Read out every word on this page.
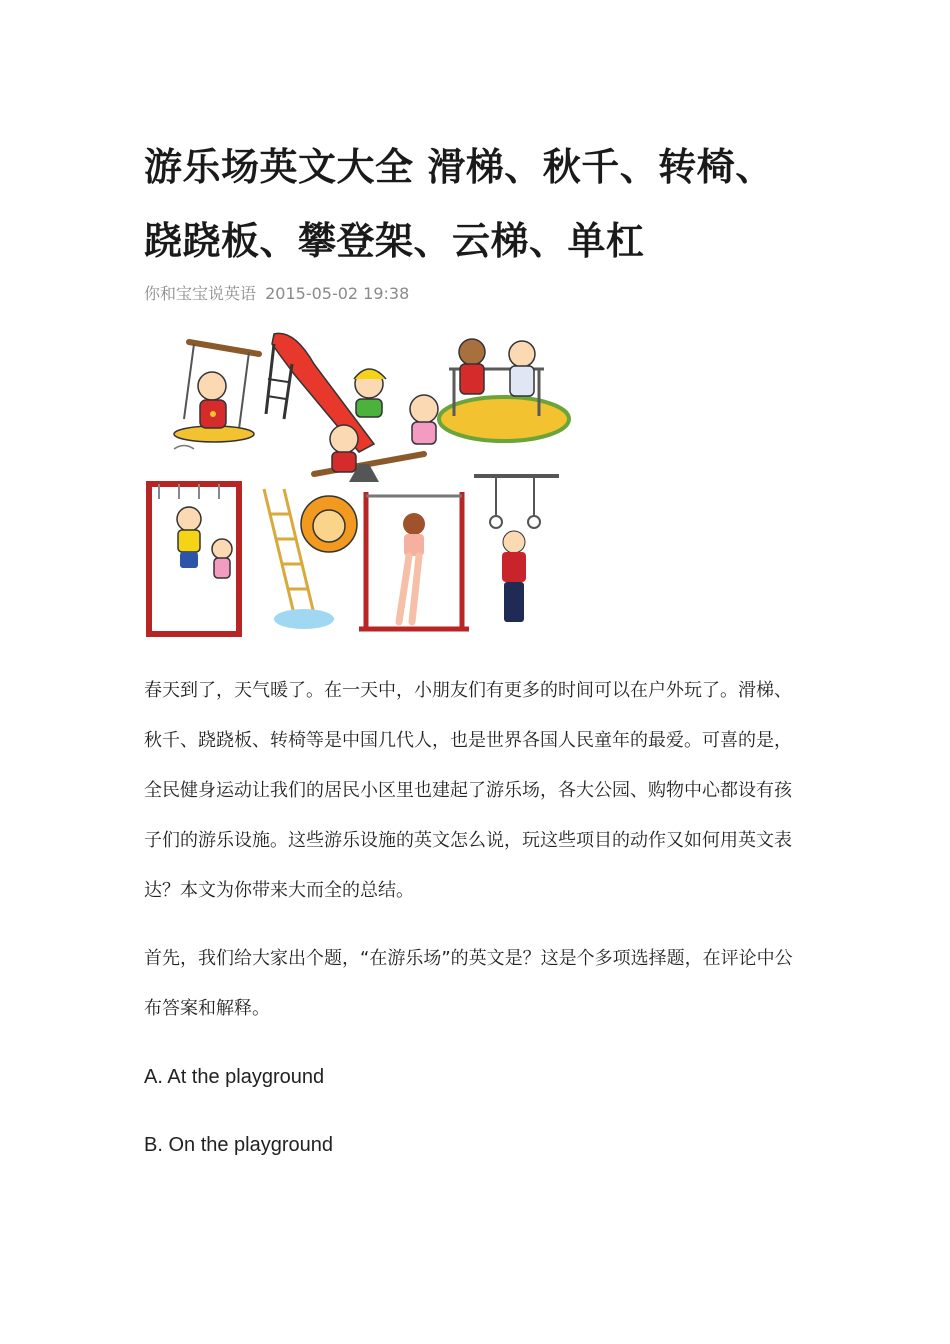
游乐场英文大全 滑梯、秋千、转椅、
跷跷板、攀登架、云梯、单杠
你和宝宝说英语 2015-05-02 19:38

春天到了，天气暖了。在一天中，小朋友们有更多的时间可以在户外玩了。滑梯、秋千、跷跷板、转椅等是中国几代人，也是世界各国人民童年的最爱。可喜的是，全民健身运动让我们的居民小区里也建起了游乐场，各大公园、购物中心都设有孩子们的游乐设施。这些游乐设施的英文怎么说，玩这些项目的动作又如何用英文表达？本文为你带来大而全的总结。

首先，我们给大家出个题，“在游乐场”的英文是？这是个多项选择题，在评论中公布答案和解释。

A. At the playground

B. On the playground
